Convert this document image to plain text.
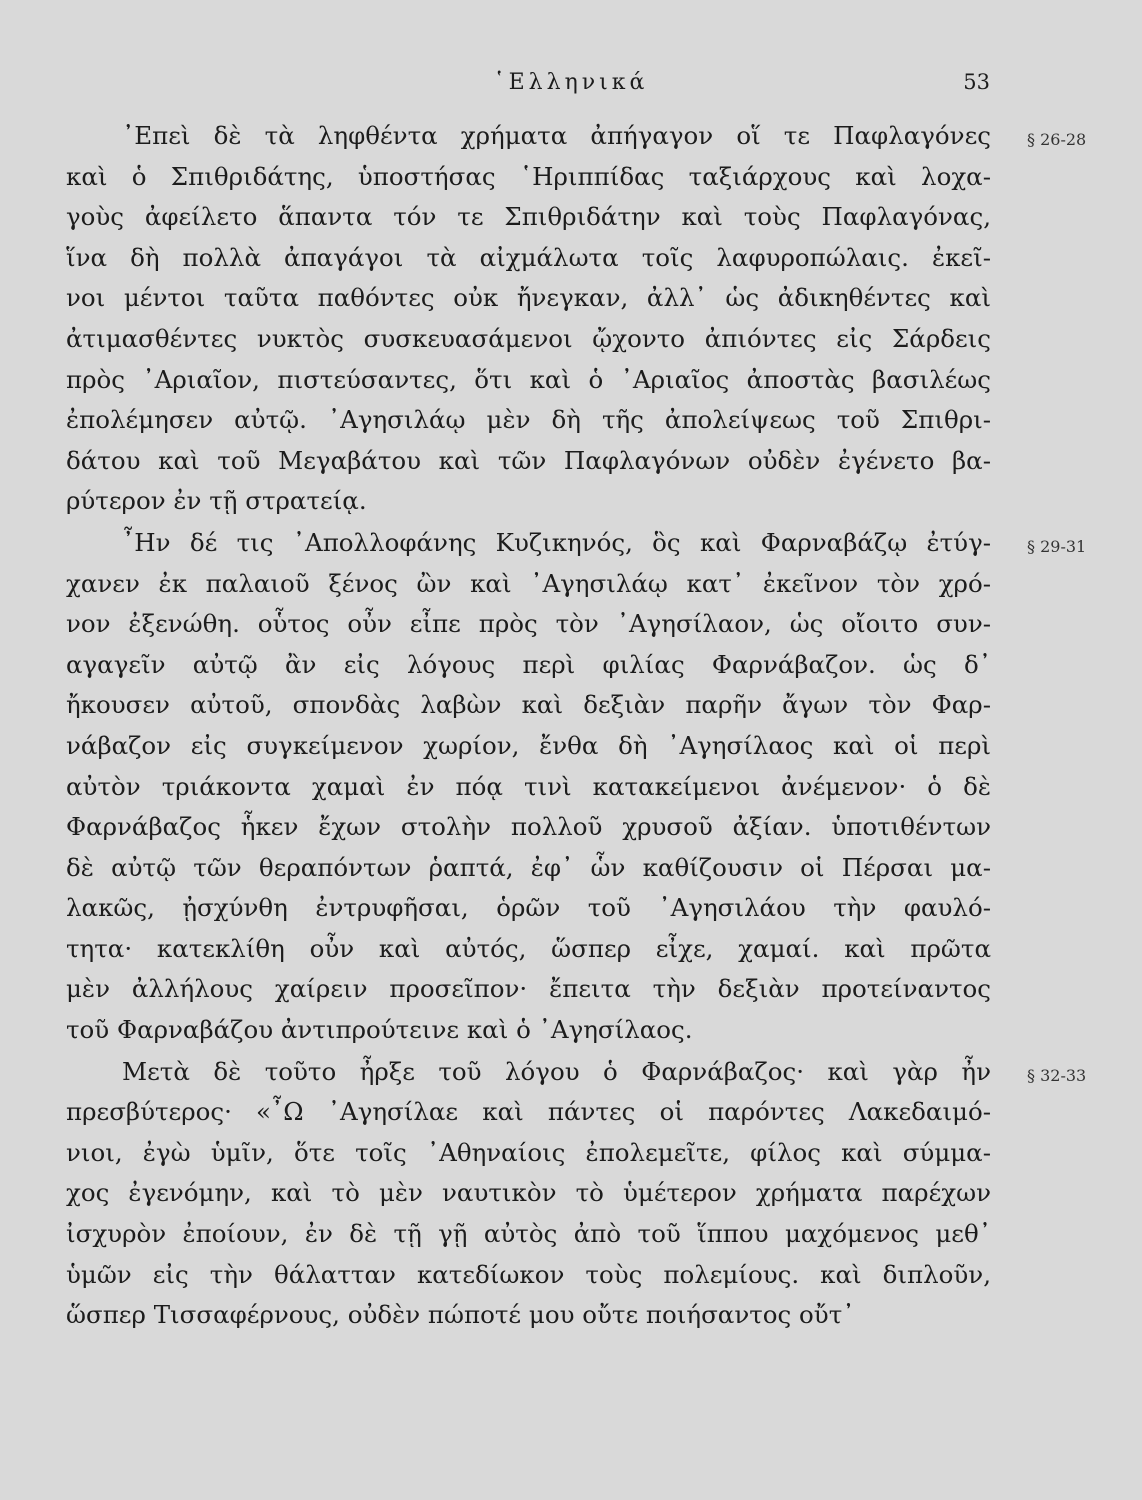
῾Ελληνικά	53
᾿Επεὶ δὲ τὰ ληφθέντα χρήματα ἀπήγαγον οἵ τε Παφλαγόνες
καὶ ὁ Σπιθριδάτης, ὑποστήσας ῾Ηριππίδας ταξιάρχους καὶ λοχα-
γοὺς ἀφείλετο ἅπαντα τόν τε Σπιθριδάτην καὶ τοὺς Παφλαγόνας,
ἵνα δὴ πολλὰ ἀπαγάγοι τὰ αἰχμάλωτα τοῖς λαφυροπώλαις. ἐκεῖ-
νοι μέντοι ταῦτα παθόντες οὐκ ἤνεγκαν, ἀλλ᾿ ὡς ἀδικηθέντες καὶ
ἀτιμασθέντες νυκτὸς συσκευασάμενοι ᾤχοντο ἀπιόντες εἰς Σάρδεις
πρὸς ᾿Αριαῖον, πιστεύσαντες, ὅτι καὶ ὁ ᾿Αριαῖος ἀποστὰς βασιλέως
ἐπολέμησεν αὐτῷ. ᾿Αγησιλάῳ μὲν δὴ τῆς ἀπολείψεως τοῦ Σπιθρι-
δάτου καὶ τοῦ Μεγαβάτου καὶ τῶν Παφλαγόνων οὐδὲν ἐγένετο βα-
ρύτερον ἐν τῇ στρατείᾳ.
῏Ην δέ τις ᾿Απολλοφάνης Κυζικηνός, ὃς καὶ Φαρναβάζῳ ἐτύγ-
χανεν ἐκ παλαιοῦ ξένος ὢν καὶ ᾿Αγησιλάῳ κατ᾿ ἐκεῖνον τὸν χρό-
νον ἐξενώθη. οὗτος οὖν εἶπε πρὸς τὸν ᾿Αγησίλαον, ὡς οἴοιτο συν-
αγαγεῖν αὐτῷ ἂν εἰς λόγους περὶ φιλίας Φαρνάβαζον. ὡς δ᾿
ἤκουσεν αὐτοῦ, σπονδὰς λαβὼν καὶ δεξιὰν παρῆν ἄγων τὸν Φαρ-
νάβαζον εἰς συγκείμενον χωρίον, ἔνθα δὴ ᾿Αγησίλαος καὶ οἱ περὶ
αὐτὸν τριάκοντα χαμαὶ ἐν πόᾳ τινὶ κατακείμενοι ἀνέμενον· ὁ δὲ
Φαρνάβαζος ἧκεν ἔχων στολὴν πολλοῦ χρυσοῦ ἀξίαν. ὑποτιθέντων
δὲ αὐτῷ τῶν θεραπόντων ῥαπτά, ἐφ᾿ ὧν καθίζουσιν οἱ Πέρσαι μα-
λακῶς, ᾐσχύνθη ἐντρυφῆσαι, ὁρῶν τοῦ ᾿Αγησιλάου τὴν φαυλό-
τητα· κατεκλίθη οὖν καὶ αὐτός, ὥσπερ εἶχε, χαμαί. καὶ πρῶτα
μὲν ἀλλήλους χαίρειν προσεῖπον· ἔπειτα τὴν δεξιὰν προτείναντος
τοῦ Φαρναβάζου ἀντιπρούτεινε καὶ ὁ ᾿Αγησίλαος.
Μετὰ δὲ τοῦτο ἦρξε τοῦ λόγου ὁ Φαρνάβαζος· καὶ γὰρ ἦν
πρεσβύτερος· «῏Ω ᾿Αγησίλαε καὶ πάντες οἱ παρόντες Λακεδαιμό-
νιοι, ἐγὼ ὑμῖν, ὅτε τοῖς ᾿Αθηναίοις ἐπολεμεῖτε, φίλος καὶ σύμμα-
χος ἐγενόμην, καὶ τὸ μὲν ναυτικὸν τὸ ὑμέτερον χρήματα παρέχων
ἰσχυρὸν ἐποίουν, ἐν δὲ τῇ γῇ αὐτὸς ἀπὸ τοῦ ἵππου μαχόμενος μεθ᾿
ὑμῶν εἰς τὴν θάλατταν κατεδίωκον τοὺς πολεμίους. καὶ διπλοῦν,
ὥσπερ Τισσαφέρνους, οὐδὲν πώποτέ μου οὔτε ποιήσαντος οὔτ᾿
§ 26-28
§ 29-31
§ 32-33
